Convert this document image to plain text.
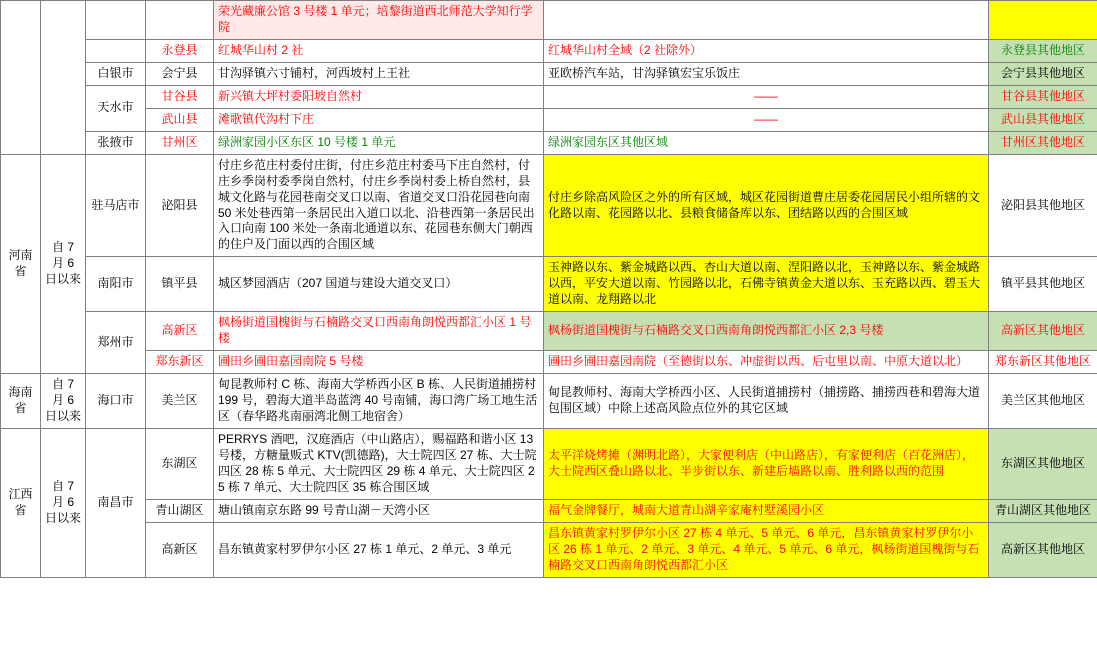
				荣光藏廉公馆 3 号楼 1 单元；培黎街道西北师范大学知行学院		
			永登县	红城华山村 2 社	红城华山村全域（2 社除外）	永登县其他地区
		白银市	会宁县	甘沟驿镇六寸铺村，河西坡村上王社	亚欧桥汽车站，甘沟驿镇宏宝乐饭庄	会宁县其他地区
		天水市	甘谷县	新兴镇大坪村委阳坡自然村	——	甘谷县其他地区
			武山县	滩歌镇代沟村下庄	——	武山县其他地区
		张掖市	甘州区	绿洲家园小区东区 10 号楼 1 单元	绿洲家园东区其他区域	甘州区其他地区
河南省	自 7 月 6 日以来	驻马店市	泌阳县	付庄乡范庄村委付庄街，付庄乡范庄村委马下庄自然村，付庄乡季岗村委季岗自然村，付庄乡季岗村委上桥自然村，县城文化路与花园巷南交叉口以南、省道交叉口沿花园巷向南 50 米处巷西第一条居民出入道口以北、沿巷西第一条居民出入口向南 100 米处一条南北通道以东、花园巷东侧大门朝西的住户及门面以西的合围区域	付庄乡除高风险区之外的所有区域，城区花园街道曹庄居委花园居民小组所辖的文化路以南、花园路以北、县粮食储备库以东、团结路以西的合围区域	泌阳县其他地区
		南阳市	镇平县	城区梦园酒店（207 国道与建设大道交叉口）	玉神路以东、紫金城路以西、杏山大道以南、涅阳路以北，玉神路以东、紫金城路以西，平安大道以南、竹园路以北，石佛寺镇黄金大道以东、玉充路以西、碧玉大道以南、龙翔路以北	镇平县其他地区
		郑州市	高新区	枫杨街道国槐街与石楠路交叉口西南角朗悦西都汇小区 1 号楼	枫杨街道国槐街与石楠路交叉口西南角朗悦西都汇小区 2,3 号楼	高新区其他地区
			郑东新区	圃田乡圃田嘉园南院 5 号楼	圃田乡圃田嘉园南院（至德街以东、冲虚街以西、后屯里以南、中原大道以北）	郑东新区其他地区
海南省	自 7 月 6 日以来	海口市	美兰区	甸昆教师村 C 栋、海南大学桥西小区 B 栋、人民街道捕捞村 199 号，碧海大道半岛蓝湾 40 号南铺，海口湾广场工地生活区（春华路兆南丽湾北侧工地宿舍）	甸昆教师村、海南大学桥西小区、人民街道捕捞村（捕捞路、捕捞西巷和碧海大道包围区域）中除上述高风险点位外的其它区域	美兰区其他地区
江西省	自 7 月 6 日以来	南昌市	东湖区	PERRYS 酒吧，汉庭酒店（中山路店），赐福路和谐小区 13 号楼，方糖量贩式 KTV(凯德路)，大士院四区 27 栋、大士院四区 28 栋 5 单元、大士院四区 29 栋 4 单元、大士院四区 25 栋 7 单元、大士院四区 35 栋合围区域	太平洋烧烤摊（渊明北路），大家便利店（中山路店），有家便利店（百花洲店），大士院西区叠山路以北、半步街以东、新建后墙路以南、胜利路以西的范围	东湖区其他地区
			青山湖区	塘山镇南京东路 99 号青山湖－天湾小区	福气金牌餐厅，城南大道青山湖辛家庵村墅溪园小区	青山湖区其他地区
			高新区	昌东镇黄家村罗伊尔小区 27 栋 1 单元、2 单元、3 单元	昌东镇黄家村罗伊尔小区 27 栋 4 单元、5 单元、6 单元，昌东镇黄家村罗伊尔小区 26 栋 1 单元、2 单元、3 单元、4 单元、5 单元、6 单元，枫杨街道国槐街与石楠路交叉口西南角朗悦西都汇小区	高新区其他地区
